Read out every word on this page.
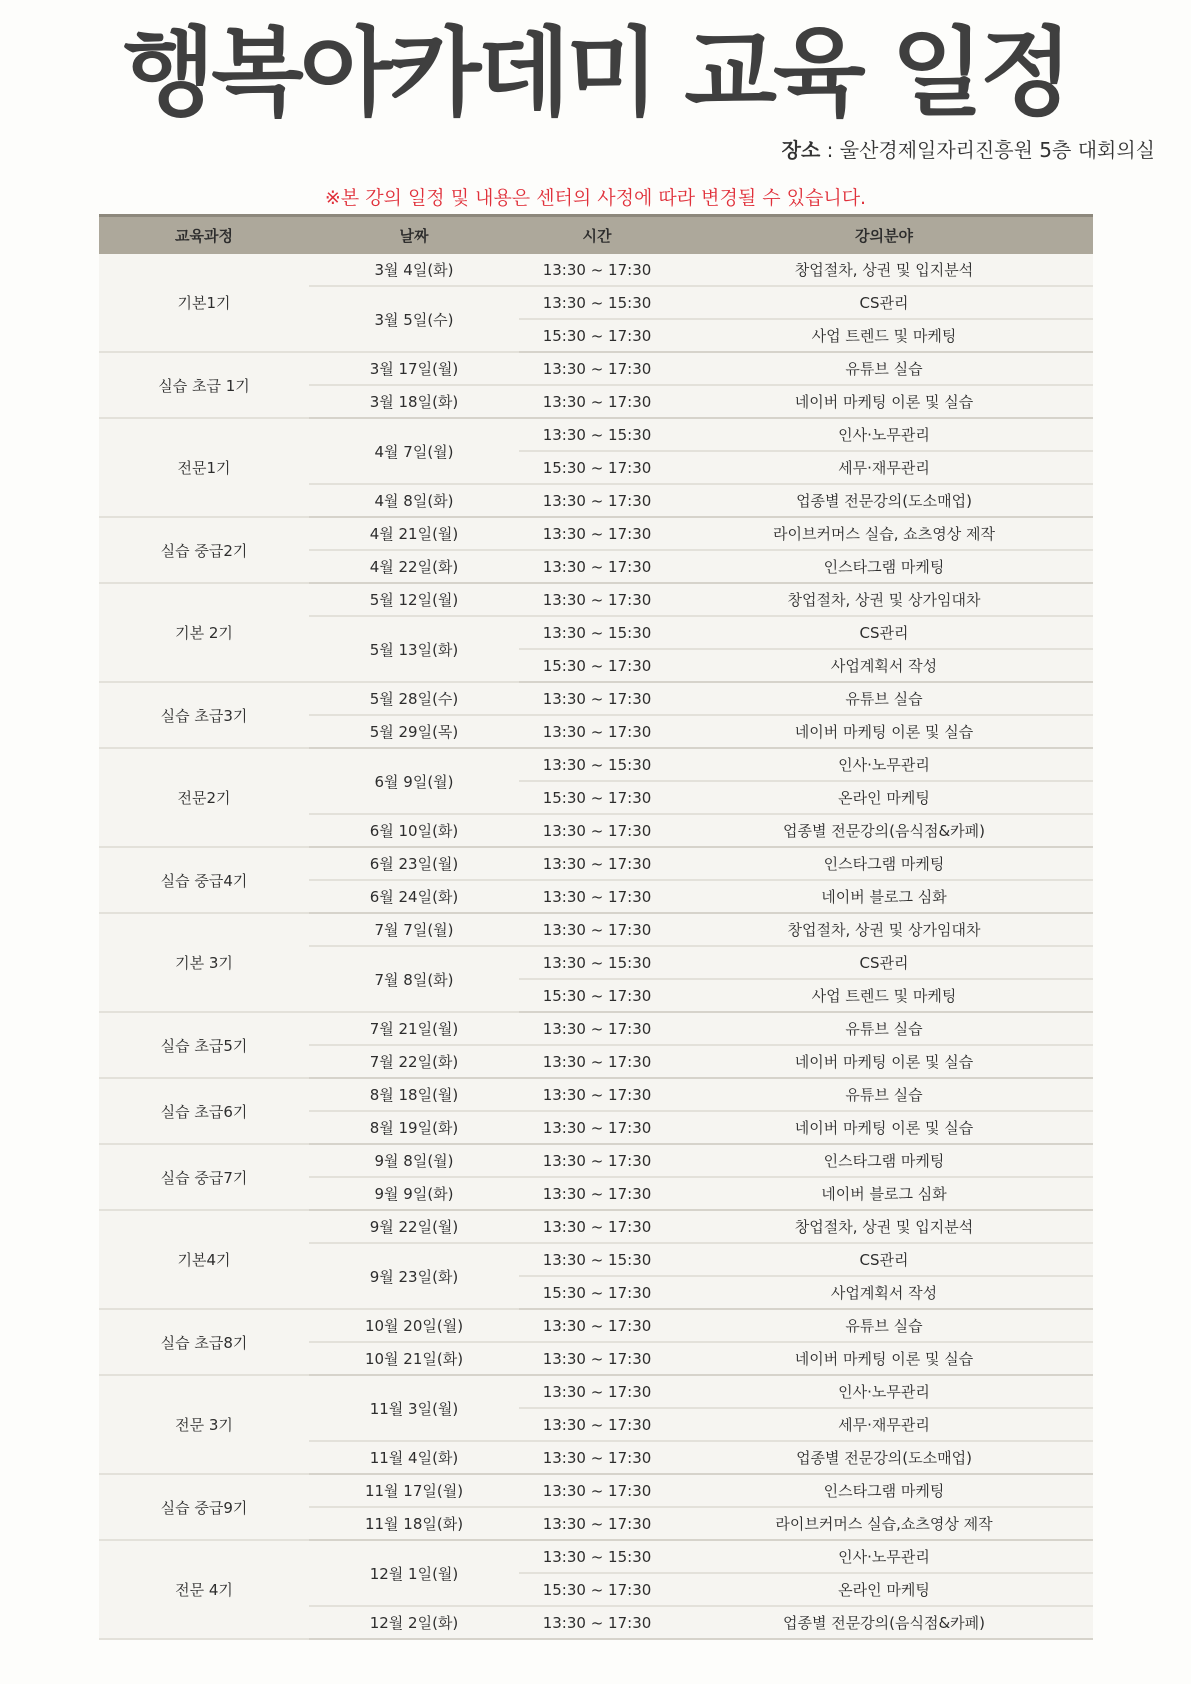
행복아카데미 교육 일정
장소 : 울산경제일자리진흥원 5층 대회의실
※본 강의 일정 및 내용은 센터의 사정에 따라 변경될 수 있습니다.
교육과정	날짜	시간	강의분야
기본1기	3월 4일(화)	13:30 ~ 17:30	창업절차, 상권 및 입지분석
	3월 5일(수)	13:30 ~ 15:30	CS관리
		15:30 ~ 17:30	사업 트렌드 및 마케팅
실습 초급 1기	3월 17일(월)	13:30 ~ 17:30	유튜브 실습
	3월 18일(화)	13:30 ~ 17:30	네이버 마케팅 이론 및 실습
전문1기	4월 7일(월)	13:30 ~ 15:30	인사·노무관리
		15:30 ~ 17:30	세무·재무관리
	4월 8일(화)	13:30 ~ 17:30	업종별 전문강의(도소매업)
실습 중급2기	4월 21일(월)	13:30 ~ 17:30	라이브커머스 실습, 쇼츠영상 제작
	4월 22일(화)	13:30 ~ 17:30	인스타그램 마케팅
기본 2기	5월 12일(월)	13:30 ~ 17:30	창업절차, 상권 및 상가임대차
	5월 13일(화)	13:30 ~ 15:30	CS관리
		15:30 ~ 17:30	사업계획서 작성
실습 초급3기	5월 28일(수)	13:30 ~ 17:30	유튜브 실습
	5월 29일(목)	13:30 ~ 17:30	네이버 마케팅 이론 및 실습
전문2기	6월 9일(월)	13:30 ~ 15:30	인사·노무관리
		15:30 ~ 17:30	온라인 마케팅
	6월 10일(화)	13:30 ~ 17:30	업종별 전문강의(음식점&카페)
실습 중급4기	6월 23일(월)	13:30 ~ 17:30	인스타그램 마케팅
	6월 24일(화)	13:30 ~ 17:30	네이버 블로그 심화
기본 3기	7월 7일(월)	13:30 ~ 17:30	창업절차, 상권 및 상가임대차
	7월 8일(화)	13:30 ~ 15:30	CS관리
		15:30 ~ 17:30	사업 트렌드 및 마케팅
실습 초급5기	7월 21일(월)	13:30 ~ 17:30	유튜브 실습
	7월 22일(화)	13:30 ~ 17:30	네이버 마케팅 이론 및 실습
실습 초급6기	8월 18일(월)	13:30 ~ 17:30	유튜브 실습
	8월 19일(화)	13:30 ~ 17:30	네이버 마케팅 이론 및 실습
실습 중급7기	9월 8일(월)	13:30 ~ 17:30	인스타그램 마케팅
	9월 9일(화)	13:30 ~ 17:30	네이버 블로그 심화
기본4기	9월 22일(월)	13:30 ~ 17:30	창업절차, 상권 및 입지분석
	9월 23일(화)	13:30 ~ 15:30	CS관리
		15:30 ~ 17:30	사업계획서 작성
실습 초급8기	10월 20일(월)	13:30 ~ 17:30	유튜브 실습
	10월 21일(화)	13:30 ~ 17:30	네이버 마케팅 이론 및 실습
전문 3기	11월 3일(월)	13:30 ~ 17:30	인사·노무관리
		13:30 ~ 17:30	세무·재무관리
	11월 4일(화)	13:30 ~ 17:30	업종별 전문강의(도소매업)
실습 중급9기	11월 17일(월)	13:30 ~ 17:30	인스타그램 마케팅
	11월 18일(화)	13:30 ~ 17:30	라이브커머스 실습,쇼츠영상 제작
전문 4기	12월 1일(월)	13:30 ~ 15:30	인사·노무관리
		15:30 ~ 17:30	온라인 마케팅
	12월 2일(화)	13:30 ~ 17:30	업종별 전문강의(음식점&카페)
